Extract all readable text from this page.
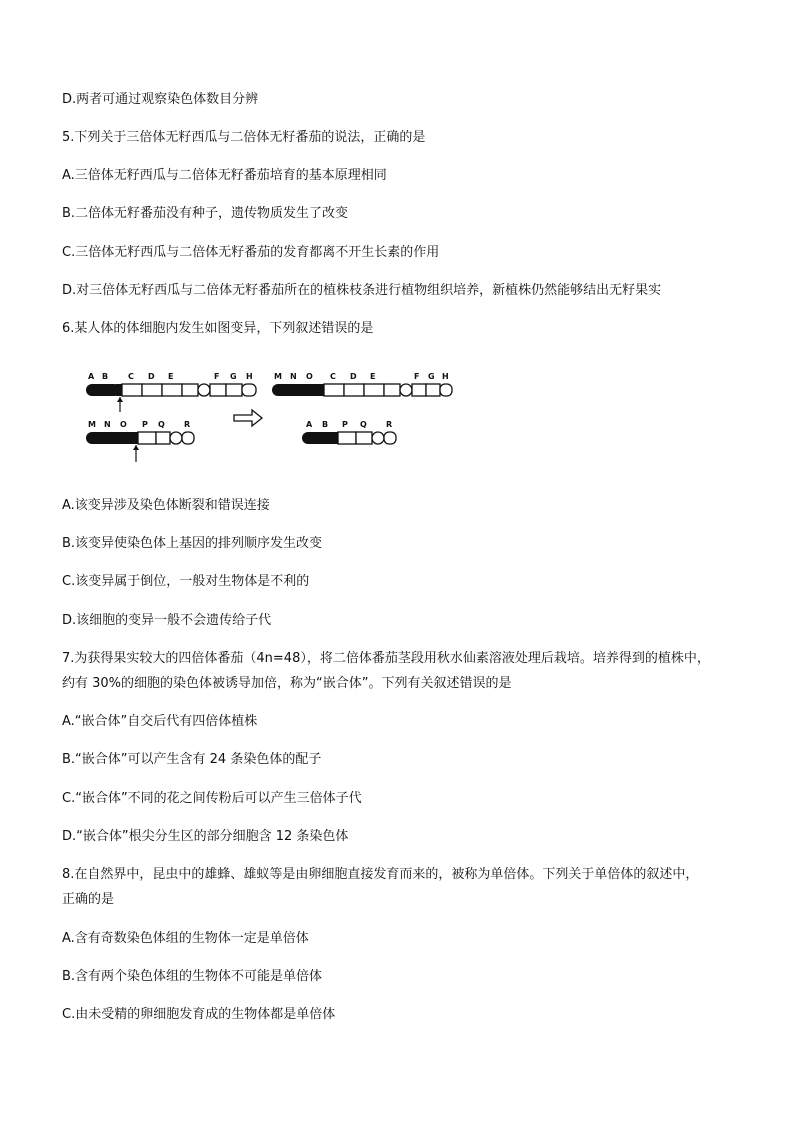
D.两者可通过观察染色体数目分辨
5.下列关于三倍体无籽西瓜与二倍体无籽番茄的说法，正确的是
A.三倍体无籽西瓜与二倍体无籽番茄培育的基本原理相同
B.二倍体无籽番茄没有种子，遗传物质发生了改变
C.三倍体无籽西瓜与二倍体无籽番茄的发育都离不开生长素的作用
D.对三倍体无籽西瓜与二倍体无籽番茄所在的植株枝条进行植物组织培养，新植株仍然能够结出无籽果实
6.某人体的体细胞内发生如图变异，下列叙述错误的是
A B C D E	F G H
M N O P Q R
M N O C D E	F G H
A B P Q R
A.该变异涉及染色体断裂和错误连接
B.该变异使染色体上基因的排列顺序发生改变
C.该变异属于倒位，一般对生物体是不利的
D.该细胞的变异一般不会遗传给子代
7.为获得果实较大的四倍体番茄（4n=48），将二倍体番茄茎段用秋水仙素溶液处理后栽培。培养得到的植株中，
约有 30%的细胞的染色体被诱导加倍，称为“嵌合体”。下列有关叙述错误的是
A.“嵌合体”自交后代有四倍体植株
B.“嵌合体”可以产生含有 24 条染色体的配子
C.“嵌合体”不同的花之间传粉后可以产生三倍体子代
D.“嵌合体”根尖分生区的部分细胞含 12 条染色体
8.在自然界中，昆虫中的雄蜂、雄蚁等是由卵细胞直接发育而来的，被称为单倍体。下列关于单倍体的叙述中，
正确的是
A.含有奇数染色体组的生物体一定是单倍体
B.含有两个染色体组的生物体不可能是单倍体
C.由未受精的卵细胞发育成的生物体都是单倍体
